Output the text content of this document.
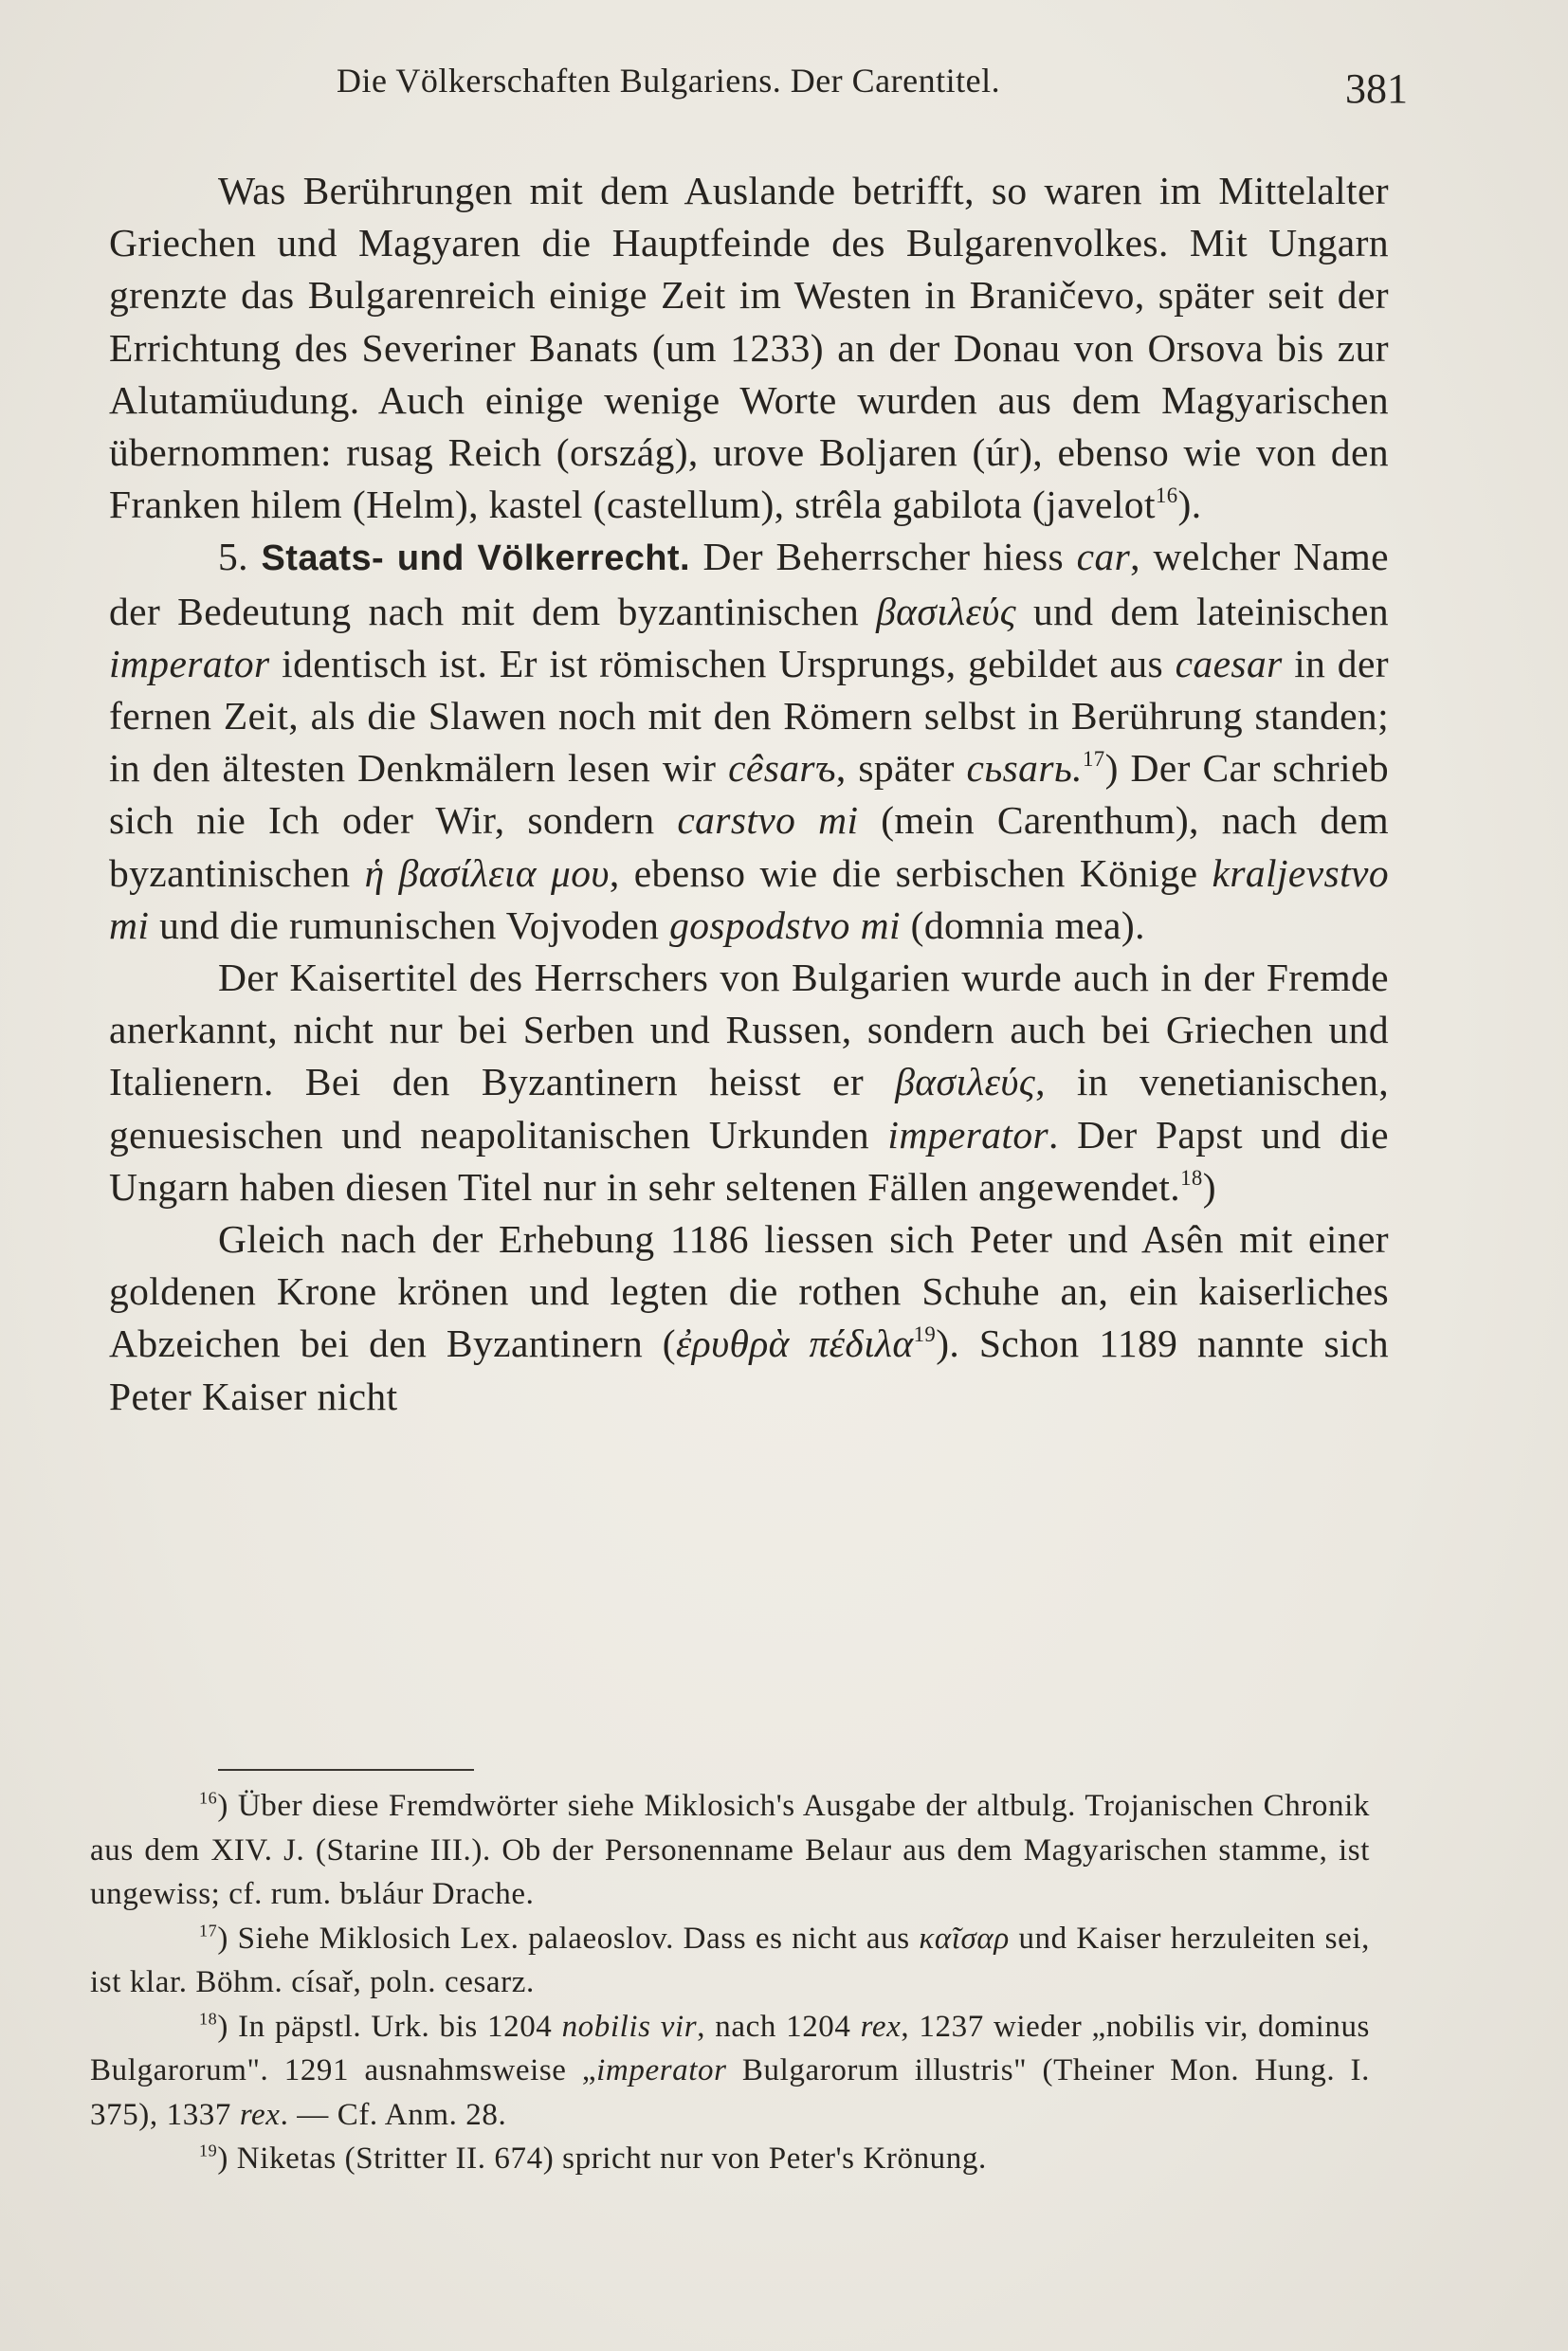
Die Völkerschaften Bulgariens. Der Carentitel.	381

Was Berührungen mit dem Auslande betrifft, so waren im Mittelalter Griechen und Magyaren die Hauptfeinde des Bulgarenvolkes. Mit Ungarn grenzte das Bulgarenreich einige Zeit im Westen in Braničevo, später seit der Errichtung des Severiner Banats (um 1233) an der Donau von Orsova bis zur Alutamüudung. Auch einige wenige Worte wurden aus dem Magyarischen übernommen: rusag Reich (ország), urove Boljaren (úr), ebenso wie von den Franken hilem (Helm), kastel (castellum), strêla gabilota (javelot$^{16}$).

5. Staats- und Völkerrecht. Der Beherrscher hiess car, welcher Name der Bedeutung nach mit dem byzantinischen βασιλεύς und dem lateinischen imperator identisch ist. Er ist römischen Ursprungs, gebildet aus caesar in der fernen Zeit, als die Slawen noch mit den Römern selbst in Berührung standen; in den ältesten Denkmälern lesen wir cêsarъ, später cьsarь.$^{17}$) Der Car schrieb sich nie Ich oder Wir, sondern carstvo mi (mein Carenthum), nach dem byzantinischen ἡ βασίλεια μου, ebenso wie die serbischen Könige kraljevstvo mi und die rumunischen Vojvoden gospodstvo mi (domnia mea).

Der Kaisertitel des Herrschers von Bulgarien wurde auch in der Fremde anerkannt, nicht nur bei Serben und Russen, sondern auch bei Griechen und Italienern. Bei den Byzantinern heisst er βασιλεύς, in venetianischen, genuesischen und neapolitanischen Urkunden imperator. Der Papst und die Ungarn haben diesen Titel nur in sehr seltenen Fällen angewendet.$^{18}$)

Gleich nach der Erhebung 1186 liessen sich Peter und Asên mit einer goldenen Krone krönen und legten die rothen Schuhe an, ein kaiserliches Abzeichen bei den Byzantinern (ἐρυθρὰ πέδιλα$^{19}$). Schon 1189 nannte sich Peter Kaiser nicht

$^{16}$) Über diese Fremdwörter siehe Miklosich's Ausgabe der altbulg. Trojanischen Chronik aus dem XIV. J. (Starine III.). Ob der Personenname Belaur aus dem Magyarischen stamme, ist ungewiss; cf. rum. bъláur Drache.

$^{17}$) Siehe Miklosich Lex. palaeoslov. Dass es nicht aus καῖσαρ und Kaiser herzuleiten sei, ist klar. Böhm. císař, poln. cesarz.

$^{18}$) In päpstl. Urk. bis 1204 nobilis vir, nach 1204 rex, 1237 wieder „nobilis vir, dominus Bulgarorum". 1291 ausnahmsweise „imperator Bulgarorum illustris" (Theiner Mon. Hung. I. 375), 1337 rex. — Cf. Anm. 28.

$^{19}$) Niketas (Stritter II. 674) spricht nur von Peter's Krönung.
